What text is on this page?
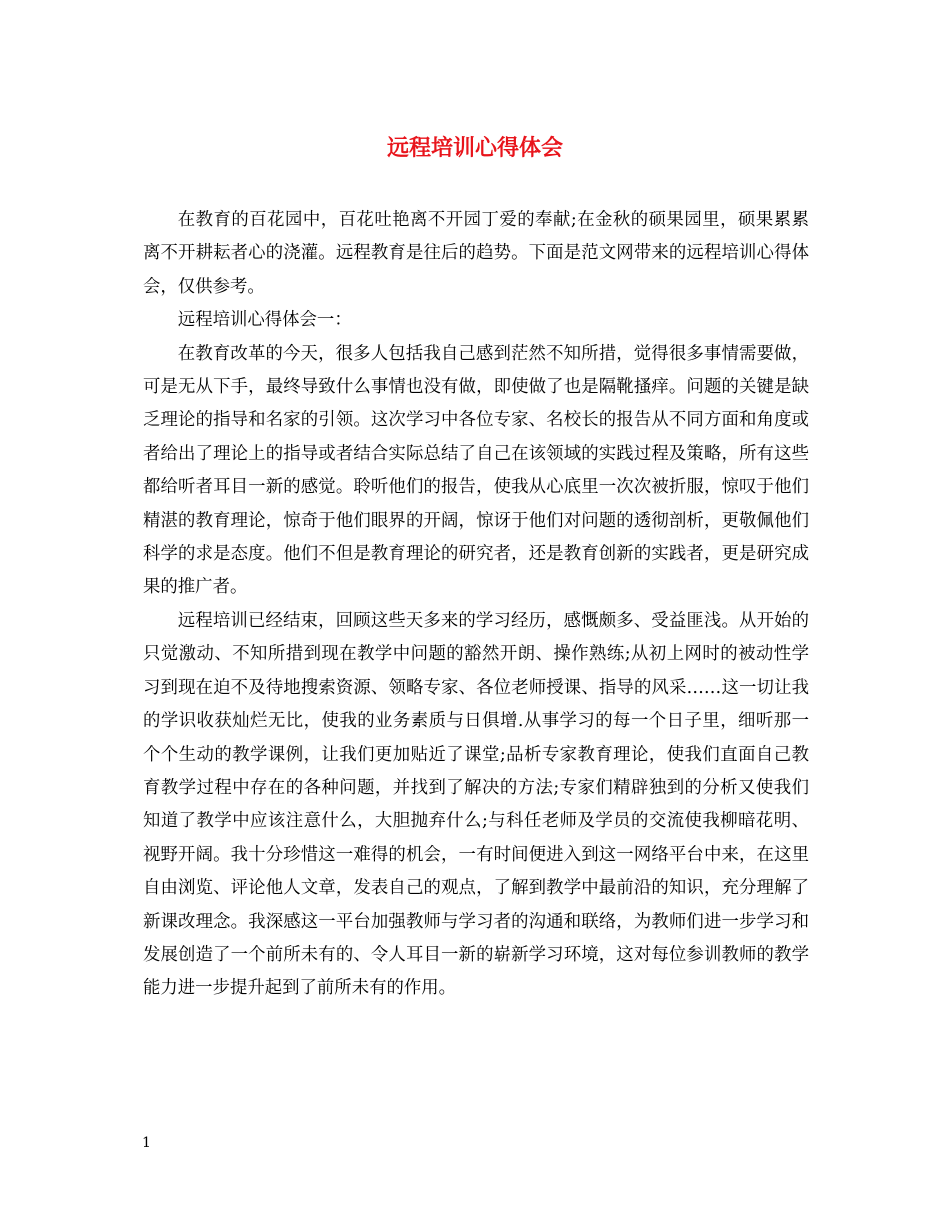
远程培训心得体会

在教育的百花园中，百花吐艳离不开园丁爱的奉献;在金秋的硕果园里，硕果累累离不开耕耘者心的浇灌。远程教育是往后的趋势。下面是范文网带来的远程培训心得体会，仅供参考。

远程培训心得体会一：

在教育改革的今天，很多人包括我自己感到茫然不知所措，觉得很多事情需要做，可是无从下手，最终导致什么事情也没有做，即使做了也是隔靴搔痒。问题的关键是缺乏理论的指导和名家的引领。这次学习中各位专家、名校长的报告从不同方面和角度或者给出了理论上的指导或者结合实际总结了自己在该领域的实践过程及策略，所有这些都给听者耳目一新的感觉。聆听他们的报告，使我从心底里一次次被折服，惊叹于他们精湛的教育理论，惊奇于他们眼界的开阔，惊讶于他们对问题的透彻剖析，更敬佩他们科学的求是态度。他们不但是教育理论的研究者，还是教育创新的实践者，更是研究成果的推广者。

远程培训已经结束，回顾这些天多来的学习经历，感慨颇多、受益匪浅。从开始的只觉激动、不知所措到现在教学中问题的豁然开朗、操作熟练;从初上网时的被动性学习到现在迫不及待地搜索资源、领略专家、各位老师授课、指导的风采……这一切让我的学识收获灿烂无比，使我的业务素质与日俱增.从事学习的每一个日子里，细听那一个个生动的教学课例，让我们更加贴近了课堂;品析专家教育理论，使我们直面自己教育教学过程中存在的各种问题，并找到了解决的方法;专家们精辟独到的分析又使我们知道了教学中应该注意什么，大胆抛弃什么;与科任老师及学员的交流使我柳暗花明、视野开阔。我十分珍惜这一难得的机会，一有时间便进入到这一网络平台中来，在这里自由浏览、评论他人文章，发表自己的观点，了解到教学中最前沿的知识，充分理解了新课改理念。我深感这一平台加强教师与学习者的沟通和联络，为教师们进一步学习和发展创造了一个前所未有的、令人耳目一新的崭新学习环境，这对每位参训教师的教学能力进一步提升起到了前所未有的作用。

1
